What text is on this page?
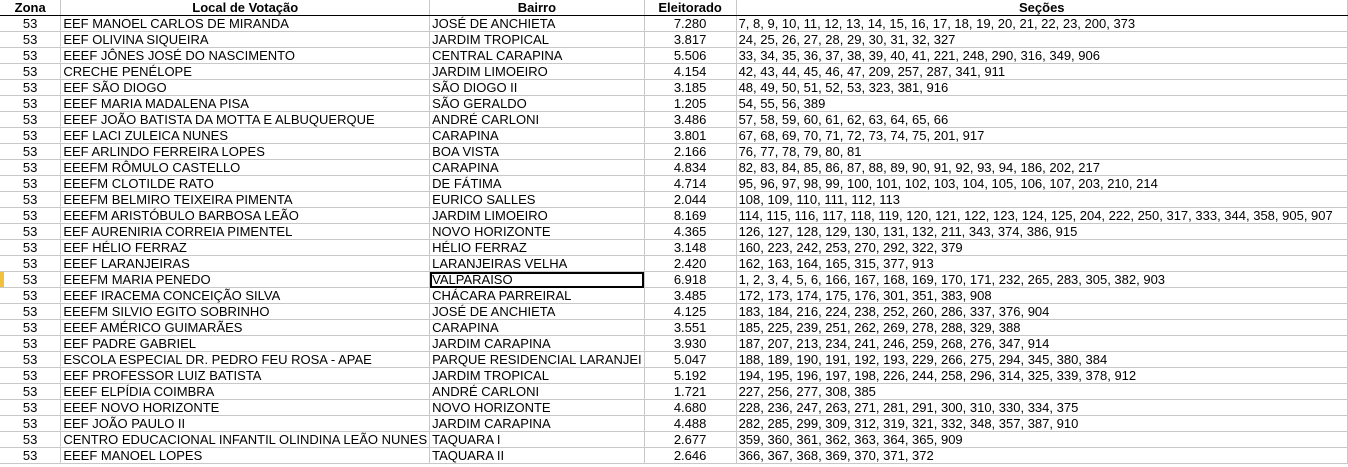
Zona	Local de Votação	Bairro	Eleitorado	Seções
53	EEF MANOEL CARLOS DE MIRANDA	JOSÉ DE ANCHIETA	7.280	7, 8, 9, 10, 11, 12, 13, 14, 15, 16, 17, 18, 19, 20, 21, 22, 23, 200, 373
53	EEF OLIVINA SIQUEIRA	JARDIM TROPICAL	3.817	24, 25, 26, 27, 28, 29, 30, 31, 32, 327
53	EEEF JÔNES JOSÉ DO NASCIMENTO	CENTRAL CARAPINA	5.506	33, 34, 35, 36, 37, 38, 39, 40, 41, 221, 248, 290, 316, 349, 906
53	CRECHE PENÉLOPE	JARDIM LIMOEIRO	4.154	42, 43, 44, 45, 46, 47, 209, 257, 287, 341, 911
53	EEF SÃO DIOGO	SÃO DIOGO II	3.185	48, 49, 50, 51, 52, 53, 323, 381, 916
53	EEEF MARIA MADALENA PISA	SÃO GERALDO	1.205	54, 55, 56, 389
53	EEEF JOÃO BATISTA DA MOTTA E ALBUQUERQUE	ANDRÉ CARLONI	3.486	57, 58, 59, 60, 61, 62, 63, 64, 65, 66
53	EEF LACI ZULEICA NUNES	CARAPINA	3.801	67, 68, 69, 70, 71, 72, 73, 74, 75, 201, 917
53	EEF ARLINDO FERREIRA LOPES	BOA VISTA	2.166	76, 77, 78, 79, 80, 81
53	EEEFM RÔMULO CASTELLO	CARAPINA	4.834	82, 83, 84, 85, 86, 87, 88, 89, 90, 91, 92, 93, 94, 186, 202, 217
53	EEEFM CLOTILDE RATO	DE FÁTIMA	4.714	95, 96, 97, 98, 99, 100, 101, 102, 103, 104, 105, 106, 107, 203, 210, 214
53	EEEFM BELMIRO TEIXEIRA PIMENTA	EURICO SALLES	2.044	108, 109, 110, 111, 112, 113
53	EEEFM ARISTÓBULO BARBOSA LEÃO	JARDIM LIMOEIRO	8.169	114, 115, 116, 117, 118, 119, 120, 121, 122, 123, 124, 125, 204, 222, 250, 317, 333, 344, 358, 905, 907
53	EEF AURENIRIA CORREIA PIMENTEL	NOVO HORIZONTE	4.365	126, 127, 128, 129, 130, 131, 132, 211, 343, 374, 386, 915
53	EEF HÉLIO FERRAZ	HÉLIO FERRAZ	3.148	160, 223, 242, 253, 270, 292, 322, 379
53	EEEF LARANJEIRAS	LARANJEIRAS VELHA	2.420	162, 163, 164, 165, 315, 377, 913
53	EEEFM MARIA PENEDO	VALPARAISO	6.918	1, 2, 3, 4, 5, 6, 166, 167, 168, 169, 170, 171, 232, 265, 283, 305, 382, 903
53	EEEF IRACEMA CONCEIÇÃO SILVA	CHÁCARA PARREIRAL	3.485	172, 173, 174, 175, 176, 301, 351, 383, 908
53	EEEFM SILVIO EGITO SOBRINHO	JOSÉ DE ANCHIETA	4.125	183, 184, 216, 224, 238, 252, 260, 286, 337, 376, 904
53	EEEF AMÉRICO GUIMARÃES	CARAPINA	3.551	185, 225, 239, 251, 262, 269, 278, 288, 329, 388
53	EEF PADRE GABRIEL	JARDIM CARAPINA	3.930	187, 207, 213, 234, 241, 246, 259, 268, 276, 347, 914
53	ESCOLA ESPECIAL DR. PEDRO FEU ROSA - APAE	PARQUE RESIDENCIAL LARANJEI	5.047	188, 189, 190, 191, 192, 193, 229, 266, 275, 294, 345, 380, 384
53	EEF PROFESSOR LUIZ BATISTA	JARDIM TROPICAL	5.192	194, 195, 196, 197, 198, 226, 244, 258, 296, 314, 325, 339, 378, 912
53	EEEF ELPÍDIA COIMBRA	ANDRÉ CARLONI	1.721	227, 256, 277, 308, 385
53	EEEF NOVO HORIZONTE	NOVO HORIZONTE	4.680	228, 236, 247, 263, 271, 281, 291, 300, 310, 330, 334, 375
53	EEF JOÃO PAULO II	JARDIM CARAPINA	4.488	282, 285, 299, 309, 312, 319, 321, 332, 348, 357, 387, 910
53	CENTRO EDUCACIONAL INFANTIL OLINDINA LEÃO NUNES	TAQUARA I	2.677	359, 360, 361, 362, 363, 364, 365, 909
53	EEEF MANOEL LOPES	TAQUARA II	2.646	366, 367, 368, 369, 370, 371, 372
